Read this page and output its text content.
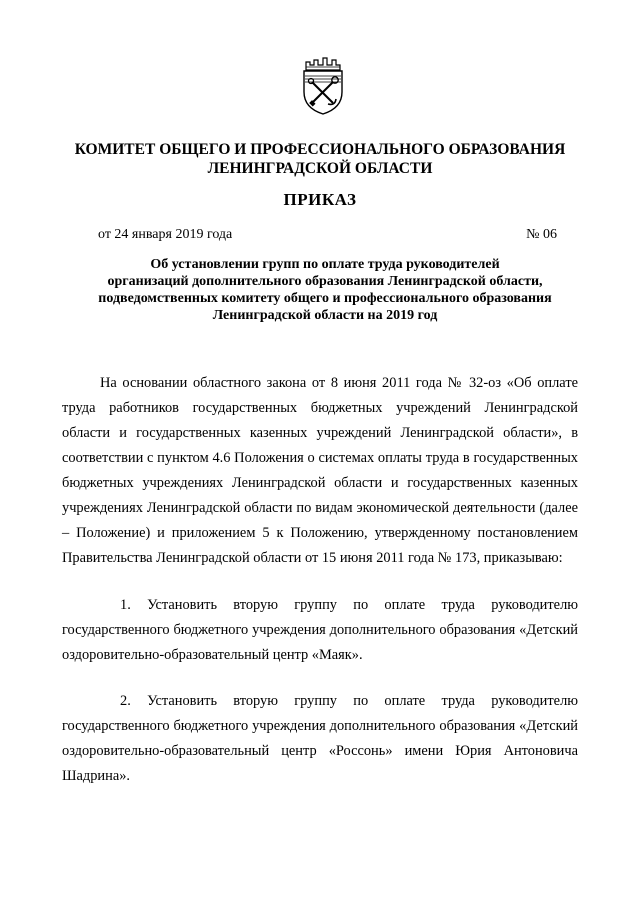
КОМИТЕТ ОБЩЕГО И ПРОФЕССИОНАЛЬНОГО ОБРАЗОВАНИЯ
ЛЕНИНГРАДСКОЙ ОБЛАСТИ
ПРИКАЗ
от 24 января 2019 года	№ 06
Об установлении групп по оплате труда руководителей
организаций дополнительного образования Ленинградской области,
подведомственных комитету общего и профессионального образования
Ленинградской области на 2019 год
На основании областного закона от 8 июня 2011 года № 32-оз «Об оплате труда работников государственных бюджетных учреждений Ленинградской области и государственных казенных учреждений Ленинградской области», в соответствии с пунктом 4.6 Положения о системах оплаты труда в государственных бюджетных учреждениях Ленинградской области и государственных казенных учреждениях Ленинградской области по видам экономической деятельности (далее – Положение) и приложением 5 к Положению, утвержденному постановлением Правительства Ленинградской области от 15 июня 2011 года № 173, приказываю:
1. Установить вторую группу по оплате труда руководителю государственного бюджетного учреждения дополнительного образования «Детский оздоровительно-образовательный центр «Маяк».
2. Установить вторую группу по оплате труда руководителю государственного бюджетного учреждения дополнительного образования «Детский оздоровительно-образовательный центр «Россонь» имени Юрия Антоновича Шадрина».
